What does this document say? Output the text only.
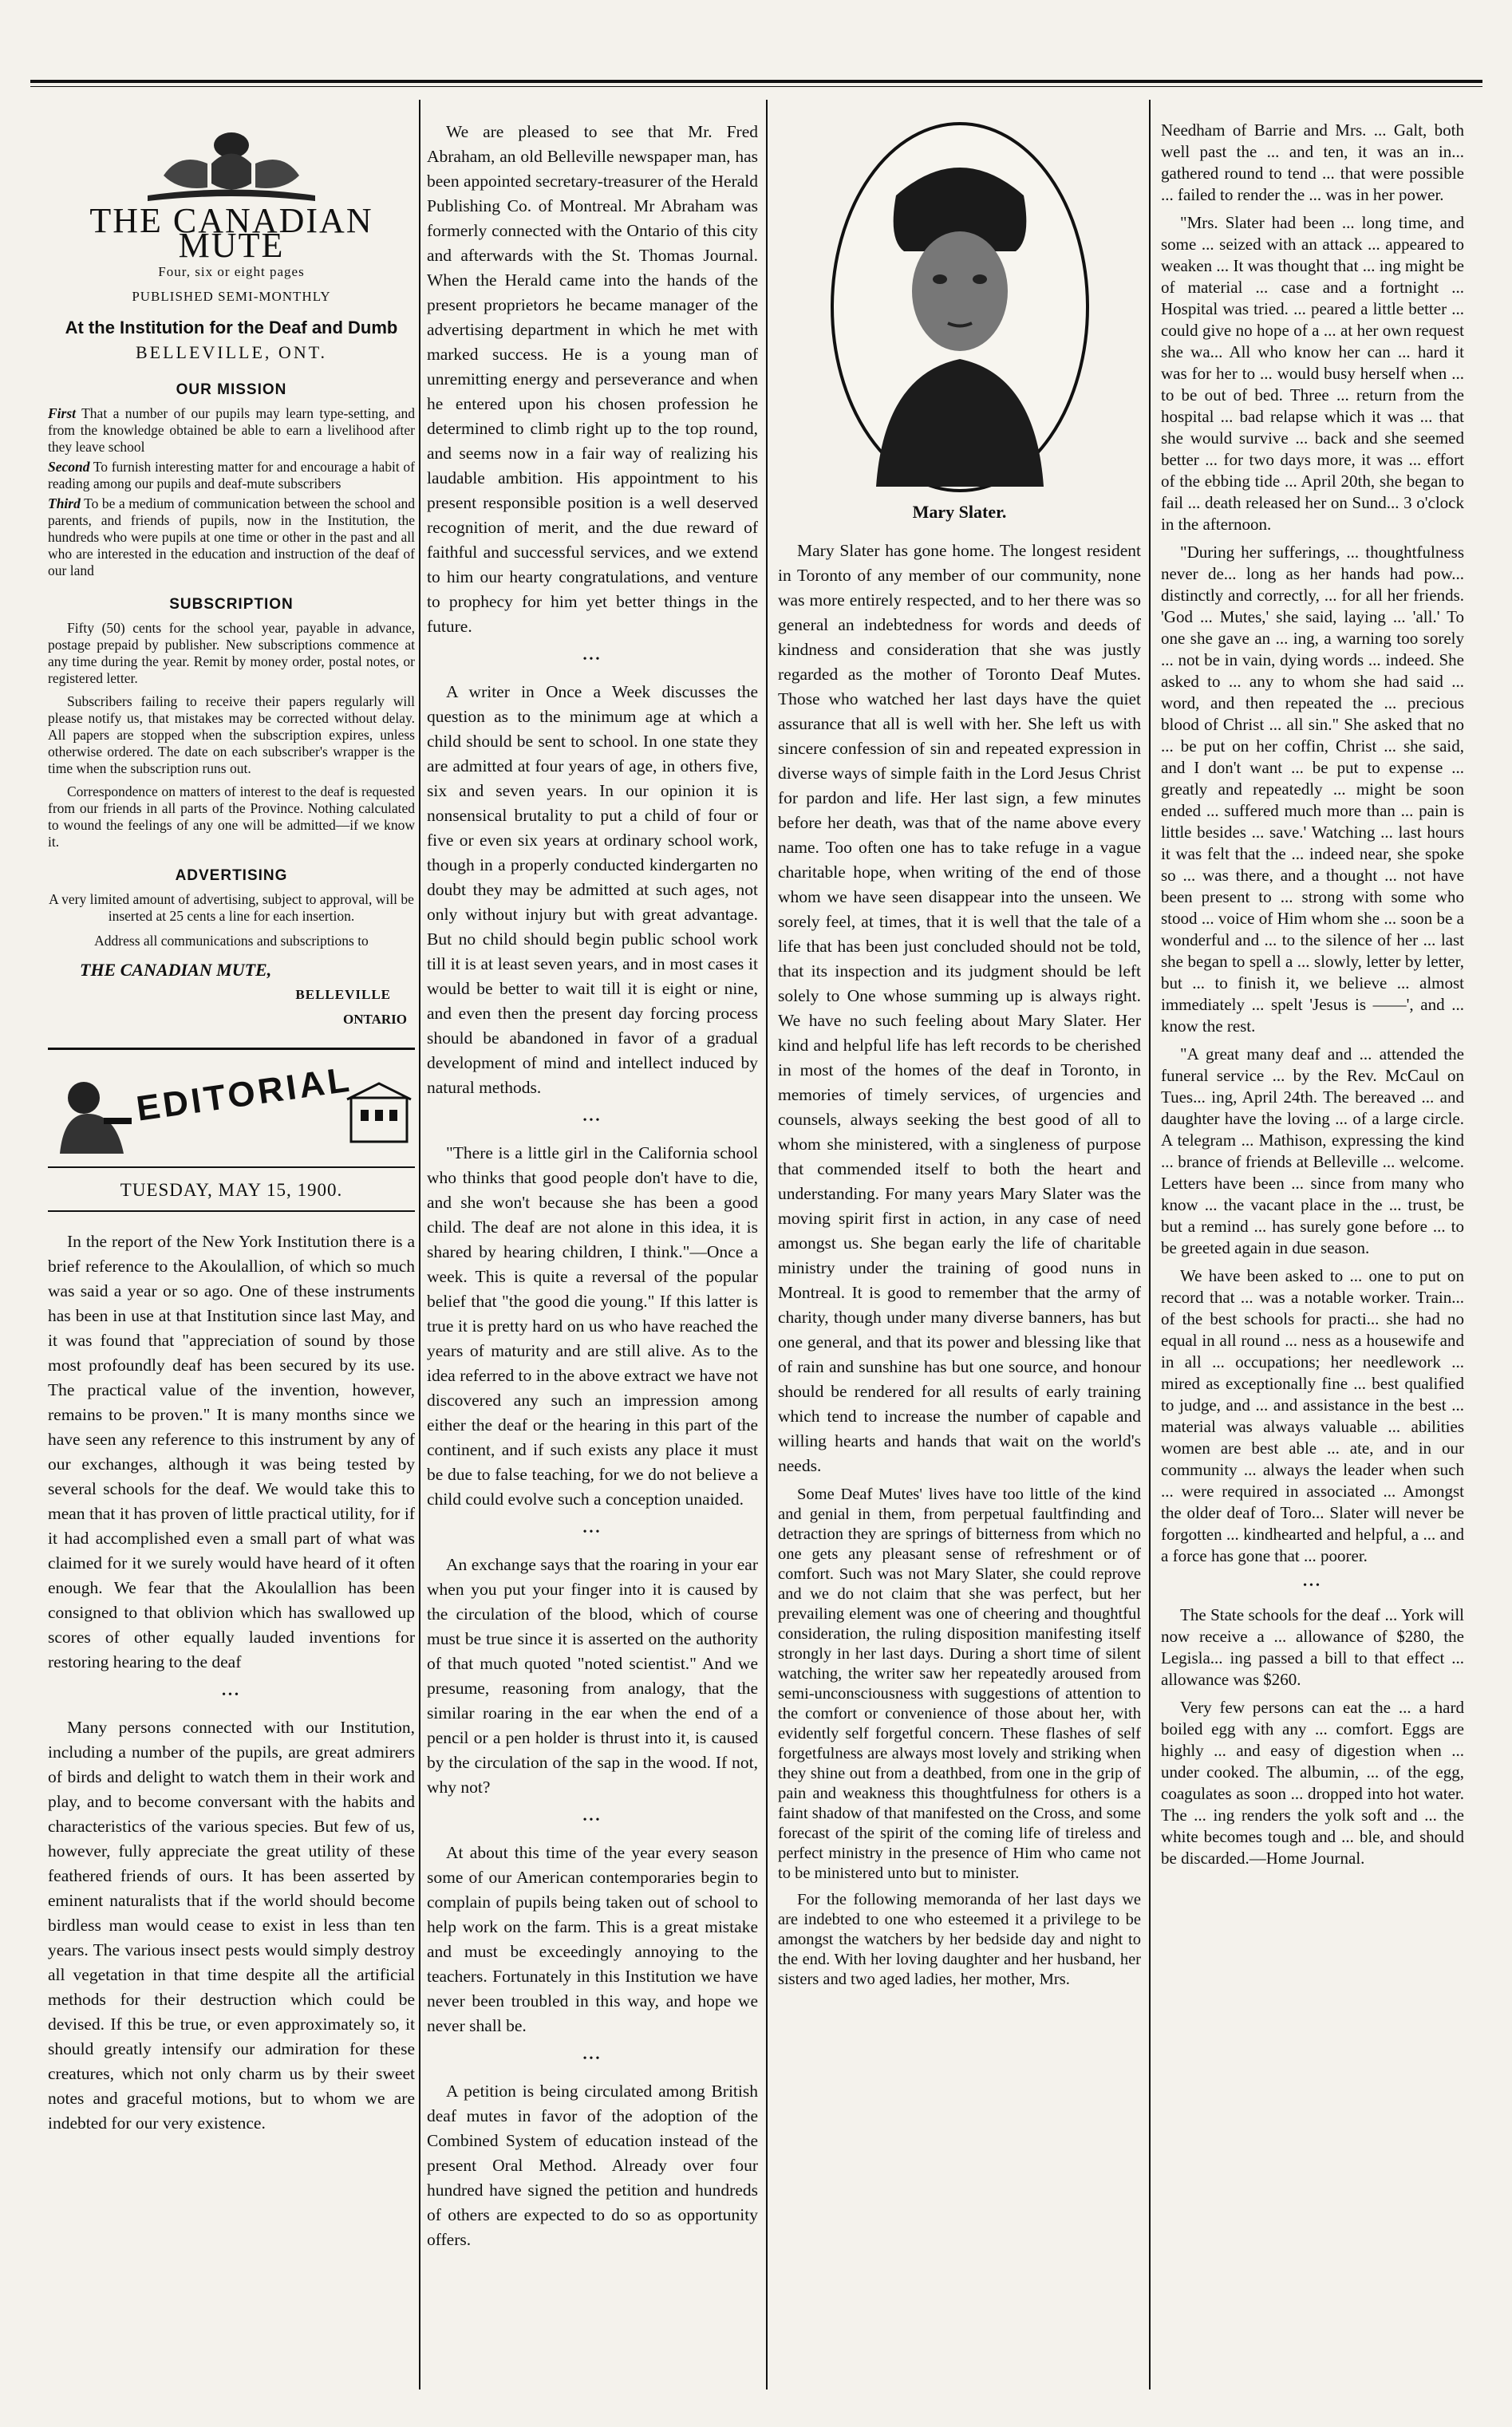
THE CANADIAN MUTE
Four, six or eight pages
PUBLISHED SEMI-MONTHLY
At the Institution for the Deaf and Dumb
BELLEVILLE, ONT.
OUR MISSION

First That a number of our pupils may learn type-setting, and from the knowledge obtained be able to earn a livelihood after they leave school

Second To furnish interesting matter for and encourage a habit of reading among our pupils and deaf-mute subscribers

Third To be a medium of communication between the school and parents, and friends of pupils, now in the Institution, the hundreds who were pupils at one time or other in the past and all who are interested in the education and instruction of the deaf of our land

SUBSCRIPTION

Fifty (50) cents for the school year, payable in advance, postage prepaid by publisher. New subscriptions commence at any time during the year. Remit by money order, postal notes, or registered letter.

Subscribers failing to receive their papers regularly will please notify us, that mistakes may be corrected without delay. All papers are stopped when the subscription expires, unless otherwise ordered. The date on each subscriber's wrapper is the time when the subscription runs out.

Correspondence on matters of interest to the deaf is requested from our friends in all parts of the Province. Nothing calculated to wound the feelings of any one will be admitted—if we know it.

ADVERTISING
A very limited amount of advertising, subject to approval, will be inserted at 25 cents a line for each insertion.
Address all communications and subscriptions to
THE CANADIAN MUTE,
BELLEVILLE
ONTARIO
EDITORIAL
TUESDAY, MAY 15, 1900.

In the report of the New York Institution there is a brief reference to the Akoulallion, of which so much was said a year or so ago. One of these instruments has been in use at that Institution since last May, and it was found that "appreciation of sound by those most profoundly deaf has been secured by its use. The practical value of the invention, however, remains to be proven." It is many months since we have seen any reference to this instrument by any of our exchanges, although it was being tested by several schools for the deaf. We would take this to mean that it has proven of little practical utility, for if it had accomplished even a small part of what was claimed for it we surely would have heard of it often enough. We fear that the Akoulallion has been consigned to that oblivion which has swallowed up scores of other equally lauded inventions for restoring hearing to the deaf

•••

Many persons connected with our Institution, including a number of the pupils, are great admirers of birds and delight to watch them in their work and play, and to become conversant with the habits and characteristics of the various species. But few of us, however, fully appreciate the great utility of these feathered friends of ours. It has been asserted by eminent naturalists that if the world should become birdless man would cease to exist in less than ten years. The various insect pests would simply destroy all vegetation in that time despite all the artificial methods for their destruction which could be devised. If this be true, or even approximately so, it should greatly intensify our admiration for these creatures, which not only charm us by their sweet notes and graceful motions, but to whom we are indebted for our very existence.

We are pleased to see that Mr. Fred Abraham, an old Belleville newspaper man, has been appointed secretary-treasurer of the Herald Publishing Co. of Montreal. Mr Abraham was formerly connected with the Ontario of this city and afterwards with the St. Thomas Journal. When the Herald came into the hands of the present proprietors he became manager of the advertising department in which he met with marked success. He is a young man of unremitting energy and perseverance and when he entered upon his chosen profession he determined to climb right up to the top round, and seems now in a fair way of realizing his laudable ambition. His appointment to his present responsible position is a well deserved recognition of merit, and the due reward of faithful and successful services, and we extend to him our hearty congratulations, and venture to prophecy for him yet better things in the future.

•••

A writer in Once a Week discusses the question as to the minimum age at which a child should be sent to school. In one state they are admitted at four years of age, in others five, six and seven years. In our opinion it is nonsensical brutality to put a child of four or five or even six years at ordinary school work, though in a properly conducted kindergarten no doubt they may be admitted at such ages, not only without injury but with great advantage. But no child should begin public school work till it is at least seven years, and in most cases it would be better to wait till it is eight or nine, and even then the present day forcing process should be abandoned in favor of a gradual development of mind and intellect induced by natural methods.

•••

"There is a little girl in the California school who thinks that good people don't have to die, and she won't because she has been a good child. The deaf are not alone in this idea, it is shared by hearing children, I think."—Once a week. This is quite a reversal of the popular belief that "the good die young." If this latter is true it is pretty hard on us who have reached the years of maturity and are still alive. As to the idea referred to in the above extract we have not discovered any such an impression among either the deaf or the hearing in this part of the continent, and if such exists any place it must be due to false teaching, for we do not believe a child could evolve such a conception unaided.

•••

An exchange says that the roaring in your ear when you put your finger into it is caused by the circulation of the blood, which of course must be true since it is asserted on the authority of that much quoted "noted scientist." And we presume, reasoning from analogy, that the similar roaring in the ear when the end of a pencil or a pen holder is thrust into it, is caused by the circulation of the sap in the wood. If not, why not?

•••

At about this time of the year every season some of our American contemporaries begin to complain of pupils being taken out of school to help work on the farm. This is a great mistake and must be exceedingly annoying to the teachers. Fortunately in this Institution we have never been troubled in this way, and hope we never shall be.

•••

A petition is being circulated among British deaf mutes in favor of the adoption of the Combined System of education instead of the present Oral Method. Already over four hundred have signed the petition and hundreds of others are expected to do so as opportunity offers.

Mary Slater.

Mary Slater has gone home. The longest resident in Toronto of any member of our community, none was more entirely respected, and to her there was so general an indebtedness for words and deeds of kindness and consideration that she was justly regarded as the mother of Toronto Deaf Mutes. Those who watched her last days have the quiet assurance that all is well with her. She left us with sincere confession of sin and repeated expression in diverse ways of simple faith in the Lord Jesus Christ for pardon and life. Her last sign, a few minutes before her death, was that of the name above every name. Too often one has to take refuge in a vague charitable hope, when writing of the end of those whom we have seen disappear into the unseen. We sorely feel, at times, that it is well that the tale of a life that has been just concluded should not be told, that its inspection and its judgment should be left solely to One whose summing up is always right. We have no such feeling about Mary Slater. Her kind and helpful life has left records to be cherished in most of the homes of the deaf in Toronto, in memories of timely services, of urgencies and counsels, always seeking the best good of all to whom she ministered, with a singleness of purpose that commended itself to both the heart and understanding. For many years Mary Slater was the moving spirit first in action, in any case of need amongst us. She began early the life of charitable ministry under the training of good nuns in Montreal. It is good to remember that the army of charity, though under many diverse banners, has but one general, and that its power and blessing like that of rain and sunshine has but one source, and honour should be rendered for all results of early training which tend to increase the number of capable and willing hearts and hands that wait on the world's needs.

Some Deaf Mutes' lives have too little of the kind and genial in them, from perpetual faultfinding and detraction they are springs of bitterness from which no one gets any pleasant sense of refreshment or of comfort. Such was not Mary Slater, she could reprove and we do not claim that she was perfect, but her prevailing element was one of cheering and thoughtful consideration, the ruling disposition manifesting itself strongly in her last days. During a short time of silent watching, the writer saw her repeatedly aroused from semi-unconsciousness with suggestions of attention to the comfort or convenience of those about her, with evidently self forgetful concern. These flashes of self forgetfulness are always most lovely and striking when they shine out from a deathbed, from one in the grip of pain and weakness this thoughtfulness for others is a faint shadow of that manifested on the Cross, and some forecast of the spirit of the coming life of tireless and perfect ministry in the presence of Him who came not to be ministered unto but to minister.

For the following memoranda of her last days we are indebted to one who esteemed it a privilege to be amongst the watchers by her bedside day and night to the end. With her loving daughter and her husband, her sisters and two aged ladies, her mother, Mrs.

Needham of Barrie and Mrs. ... Galt, both well past the ... and ten, it was an in... gathered round to tend ... that were possible ... failed to render the ... was in her power.

"Mrs. Slater had been ... long time, and some ... seized with an attack ... appeared to weaken ... It was thought that ... ing might be of material ... case and a fortnight ... Hospital was tried. ... peared a little better ... could give no hope of a ... at her own request she wa... All who know her can ... hard it was for her to ... would busy herself when ... to be out of bed. Three ... return from the hospital ... bad relapse which it was ... that she would survive ... back and she seemed better ... for two days more, it was ... effort of the ebbing tide ... April 20th, she began to fail ... death released her on Sund... 3 o'clock in the afternoon.

"During her sufferings, ... thoughtfulness never de... long as her hands had pow... distinctly and correctly, ... for all her friends. 'God ... Mutes,' she said, laying ... 'all.' To one she gave an ... ing, a warning too sorely ... not be in vain, dying words ... indeed. She asked to ... any to whom she had said ... word, and then repeated the ... precious blood of Christ ... all sin." She asked that no ... be put on her coffin, Christ ... she said, and I don't want ... be put to expense ... greatly and repeatedly ... might be soon ended ... suffered much more than ... pain is little besides ... save.' Watching ... last hours it was felt that the ... indeed near, she spoke so ... was there, and a thought ... not have been present to ... strong with some who stood ... voice of Him whom she ... soon be a wonderful and ... to the silence of her ... last she began to spell a ... slowly, letter by letter, but ... to finish it, we believe ... almost immediately ... spelt 'Jesus is ——', and ... know the rest.

"A great many deaf and ... attended the funeral service ... by the Rev. McCaul on Tues... ing, April 24th. The bereaved ... and daughter have the loving ... of a large circle. A telegram ... Mathison, expressing the kind ... brance of friends at Belleville ... welcome. Letters have been ... since from many who know ... the vacant place in the ... trust, be but a remind ... has surely gone before ... to be greeted again in due season.

We have been asked to ... one to put on record that ... was a notable worker. Train... of the best schools for practi... she had no equal in all round ... ness as a housewife and in all ... occupations; her needlework ... mired as exceptionally fine ... best qualified to judge, and ... and assistance in the best ... material was always valuable ... abilities women are best able ... ate, and in our community ... always the leader when such ... were required in associated ... Amongst the older deaf of Toro... Slater will never be forgotten ... kindhearted and helpful, a ... and a force has gone that ... poorer.

•••

The State schools for the deaf ... York will now receive a ... allowance of $280, the Legisla... ing passed a bill to that effect ... allowance was $260.

Very few persons can eat the ... a hard boiled egg with any ... comfort. Eggs are highly ... and easy of digestion when ... under cooked. The albumin, ... of the egg, coagulates as soon ... dropped into hot water. The ... ing renders the yolk soft and ... the white becomes tough and ... ble, and should be discarded.—Home Journal.
